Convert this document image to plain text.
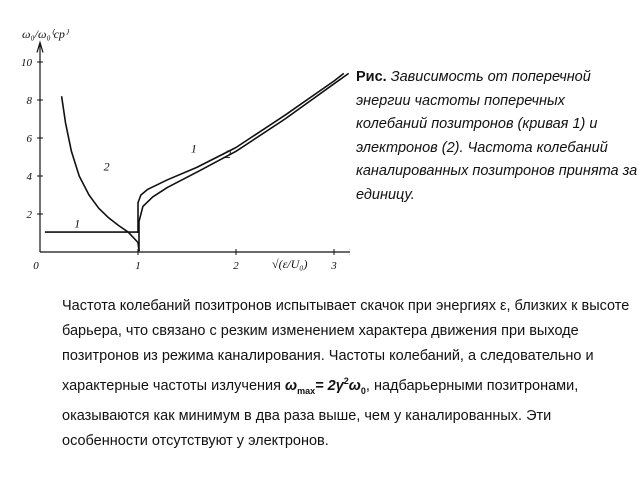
2
4
6
8
10
0	1	2	3
1
2
1 2
ω₀/ω₀⁽ср⁾
√(ε/U₀)
Рис. Зависимость от поперечной энергии частоты поперечных колебаний позитронов (кривая 1) и электронов (2). Частота колебаний каналированных позитронов принята за единицу.

Частота колебаний позитронов испытывает скачок при энергиях ε, близких к высоте барьера, что связано с резким изменением характера движения при выходе позитронов из режима каналирования. Частоты колебаний, а следовательно и характерные частоты излучения $\omega_{max}= 2\gamma^2\omega_0$, надбарьерными позитронами, оказываются как минимум в два раза выше, чем у каналированных. Эти особенности отсутствуют у электронов.
